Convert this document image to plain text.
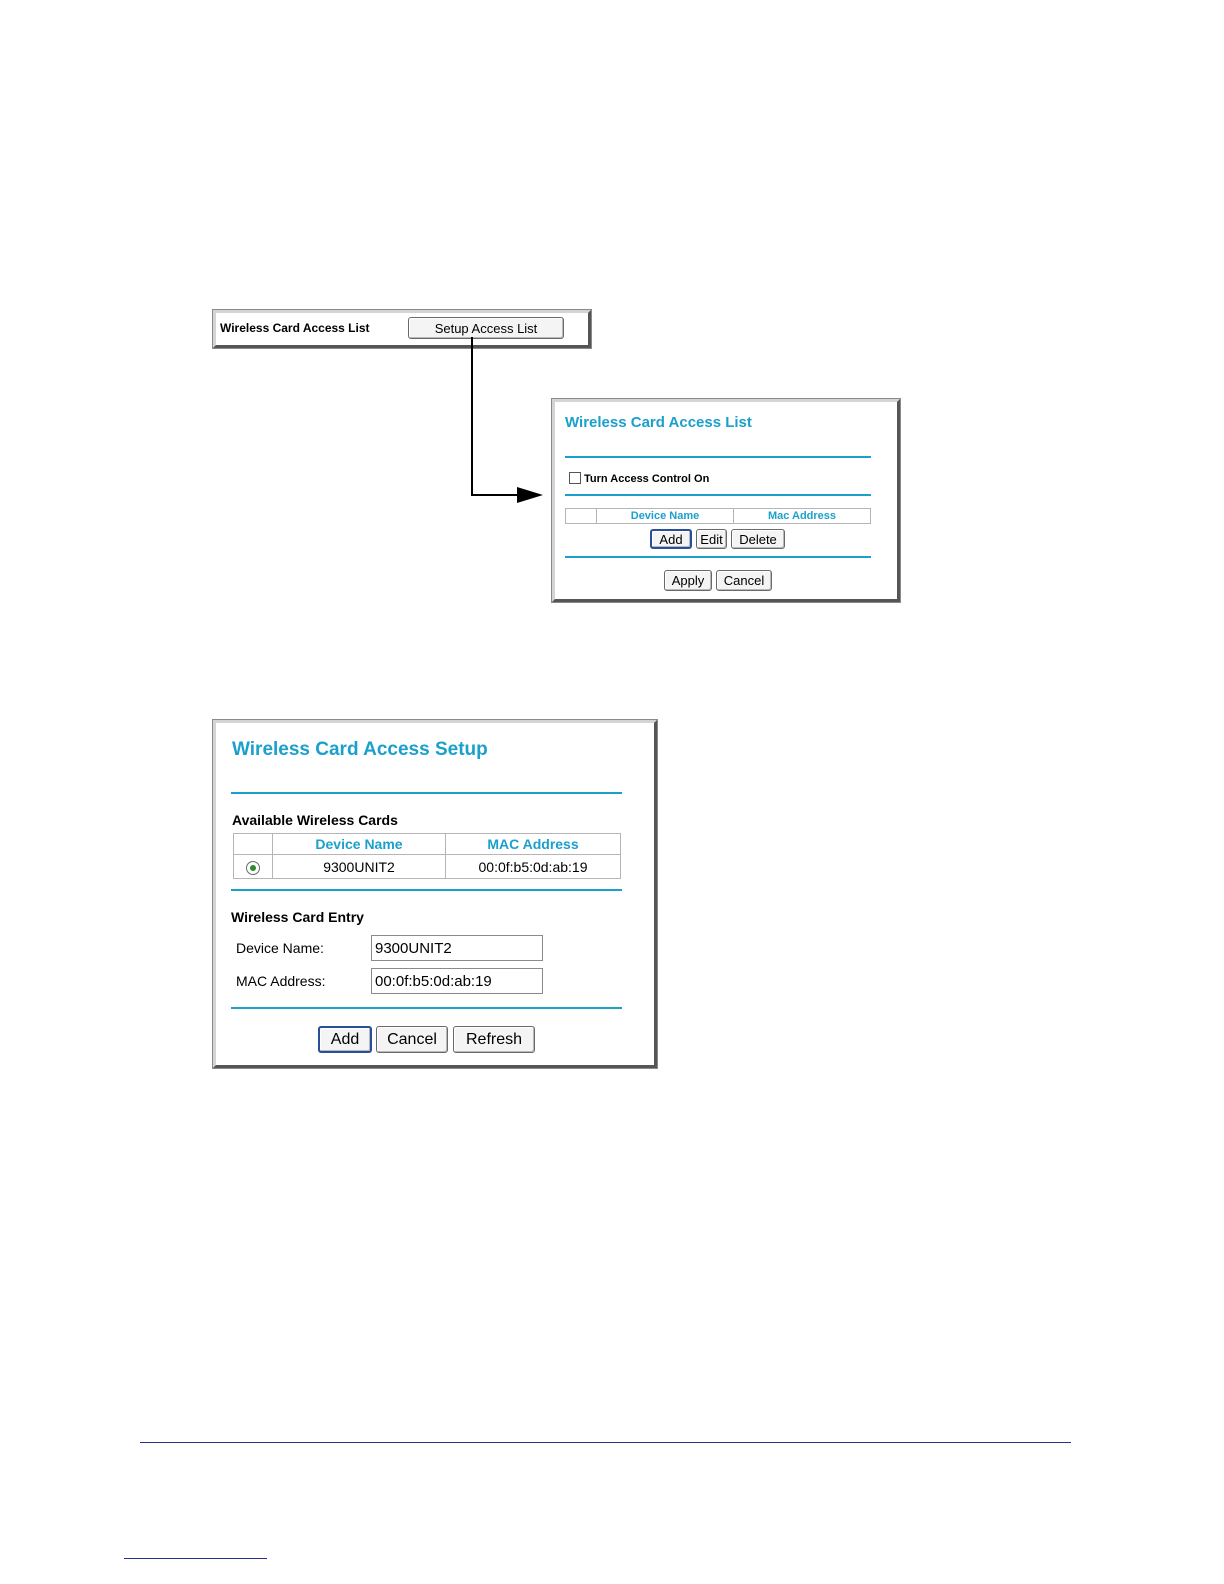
Wireless Card Access List	Setup Access List
Wireless Card Access List
Turn Access Control On
	Device Name	Mac Address
Add	Edit	Delete
Apply	Cancel
Wireless Card Access Setup
Available Wireless Cards
	Device Name	MAC Address
	9300UNIT2	00:0f:b5:0d:ab:19
Wireless Card Entry
Device Name:
9300UNIT2
MAC Address:
00:0f:b5:0d:ab:19
Add	Cancel	Refresh
